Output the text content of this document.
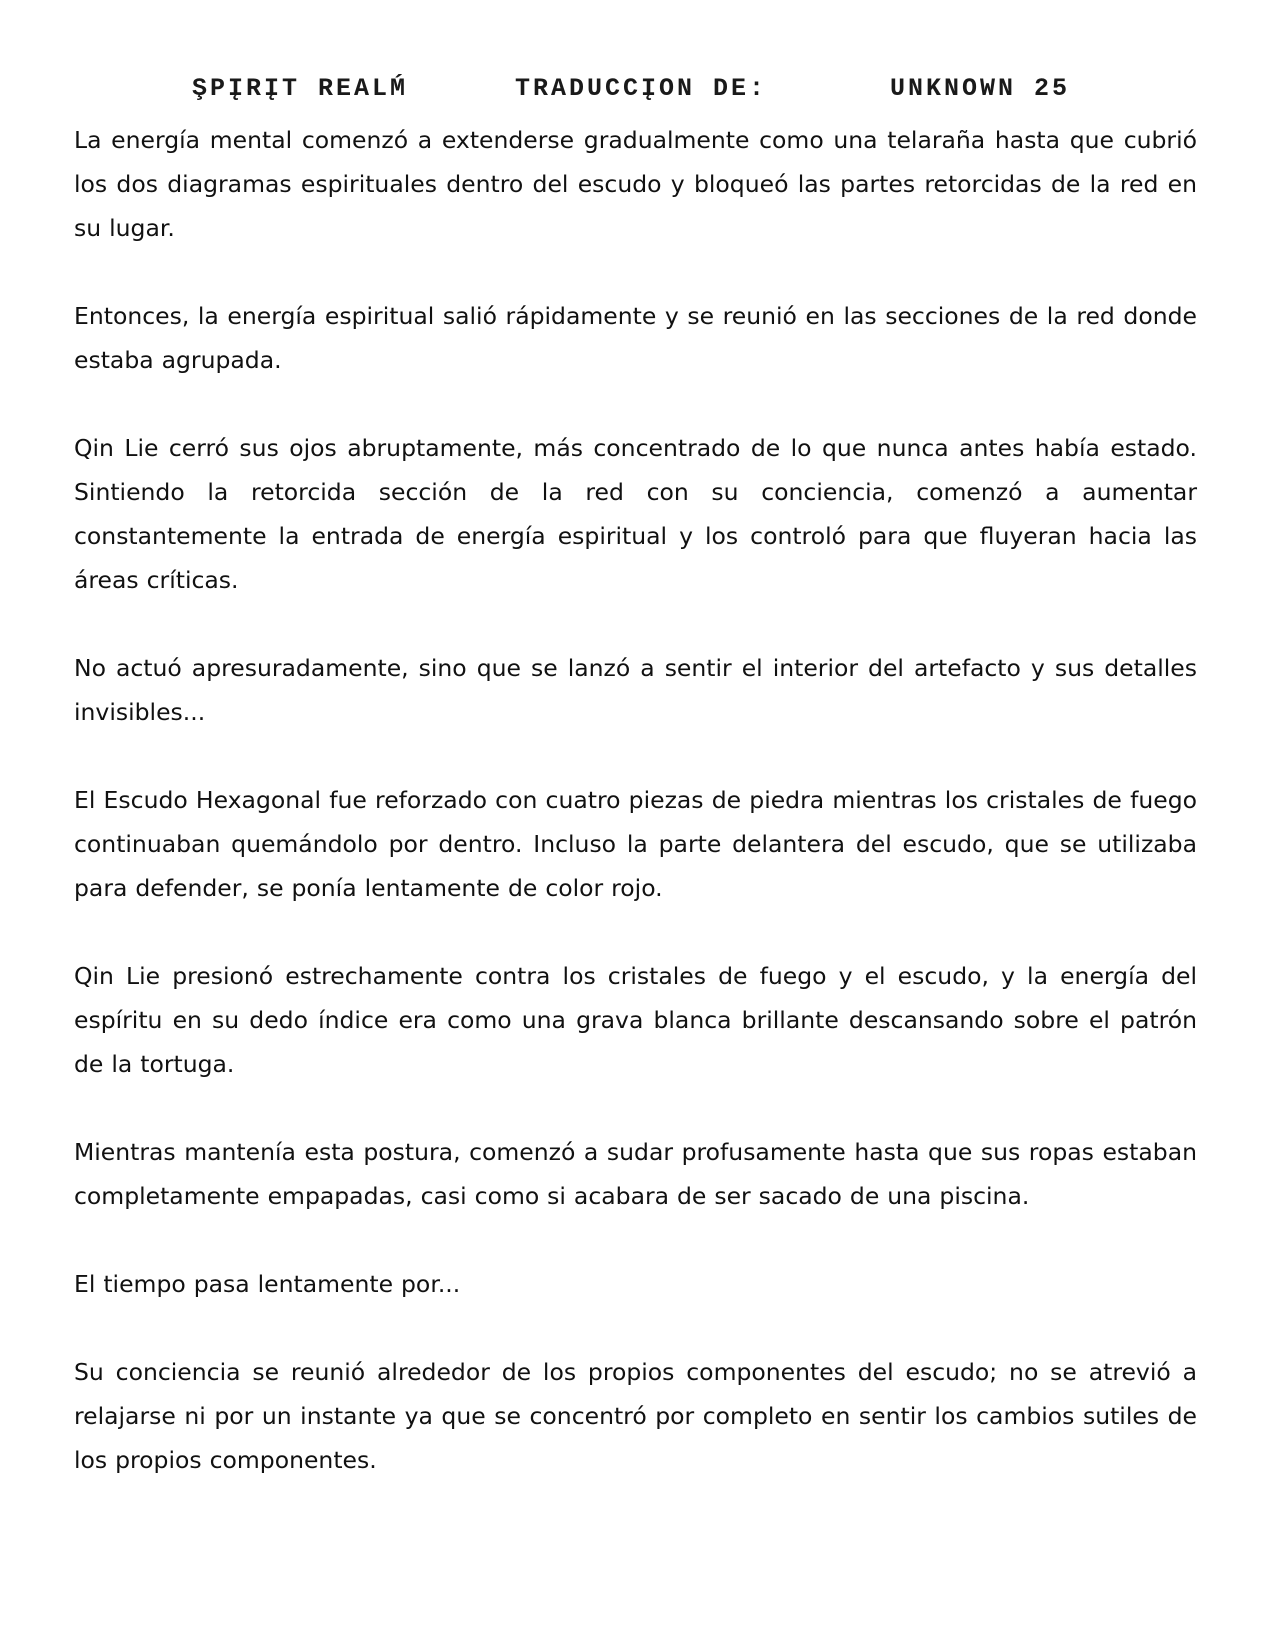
ŞPĮRĮT REALḾ	TRADUCCĮON DE:	UNKNOWN 25

La energía mental comenzó a extenderse gradualmente como una telaraña hasta que cubrió los dos diagramas espirituales dentro del escudo y bloqueó las partes retorcidas de la red en su lugar.

Entonces, la energía espiritual salió rápidamente y se reunió en las secciones de la red donde estaba agrupada.

Qin Lie cerró sus ojos abruptamente, más concentrado de lo que nunca antes había estado. Sintiendo la retorcida sección de la red con su conciencia, comenzó a aumentar constantemente la entrada de energía espiritual y los controló para que fluyeran hacia las áreas críticas.

No actuó apresuradamente, sino que se lanzó a sentir el interior del artefacto y sus detalles invisibles...

El Escudo Hexagonal fue reforzado con cuatro piezas de piedra mientras los cristales de fuego continuaban quemándolo por dentro. Incluso la parte delantera del escudo, que se utilizaba para defender, se ponía lentamente de color rojo.

Qin Lie presionó estrechamente contra los cristales de fuego y el escudo, y la energía del espíritu en su dedo índice era como una grava blanca brillante descansando sobre el patrón de la tortuga.

Mientras mantenía esta postura, comenzó a sudar profusamente hasta que sus ropas estaban completamente empapadas, casi como si acabara de ser sacado de una piscina.

El tiempo pasa lentamente por...

Su conciencia se reunió alrededor de los propios componentes del escudo; no se atrevió a relajarse ni por un instante ya que se concentró por completo en sentir los cambios sutiles de los propios componentes.
